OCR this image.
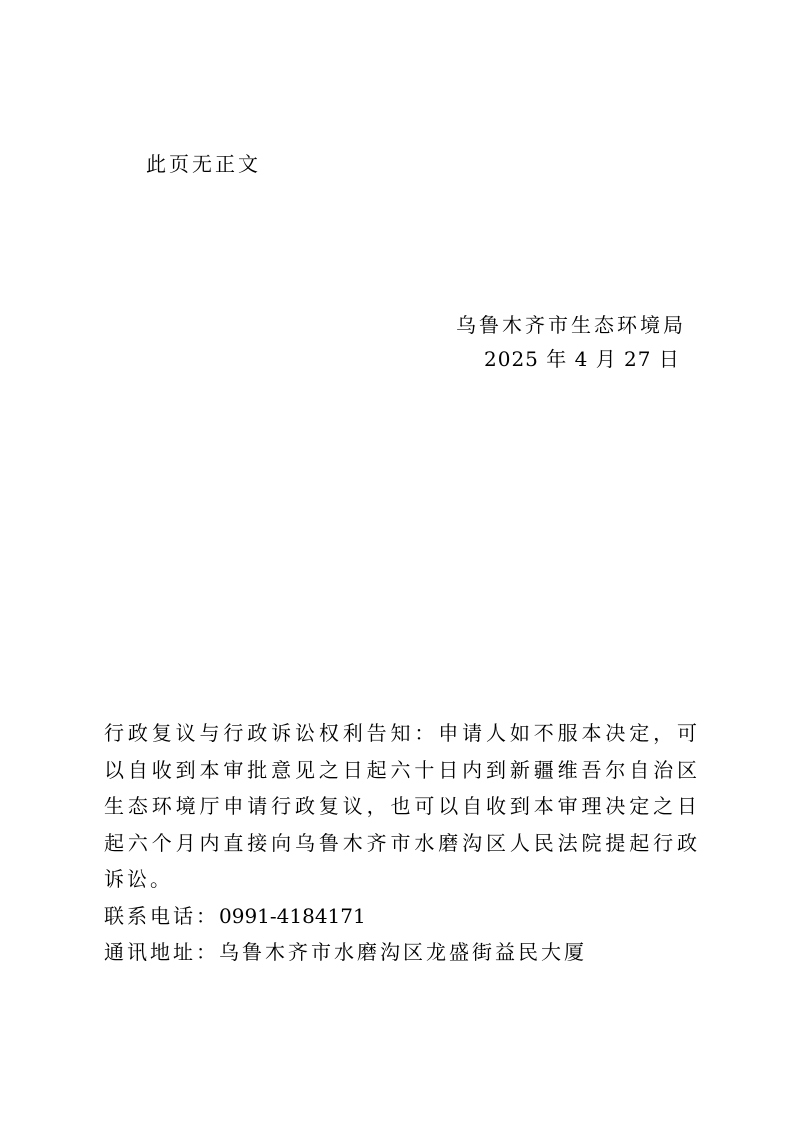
此页无正文
乌鲁木齐市生态环境局
2025 年 4 月 27 日

行政复议与行政诉讼权利告知：申请人如不服本决定，可以自收到本审批意见之日起六十日内到新疆维吾尔自治区生态环境厅申请行政复议，也可以自收到本审理决定之日起六个月内直接向乌鲁木齐市水磨沟区人民法院提起行政诉讼。

联系电话：0991-4184171
通讯地址：乌鲁木齐市水磨沟区龙盛街益民大厦
